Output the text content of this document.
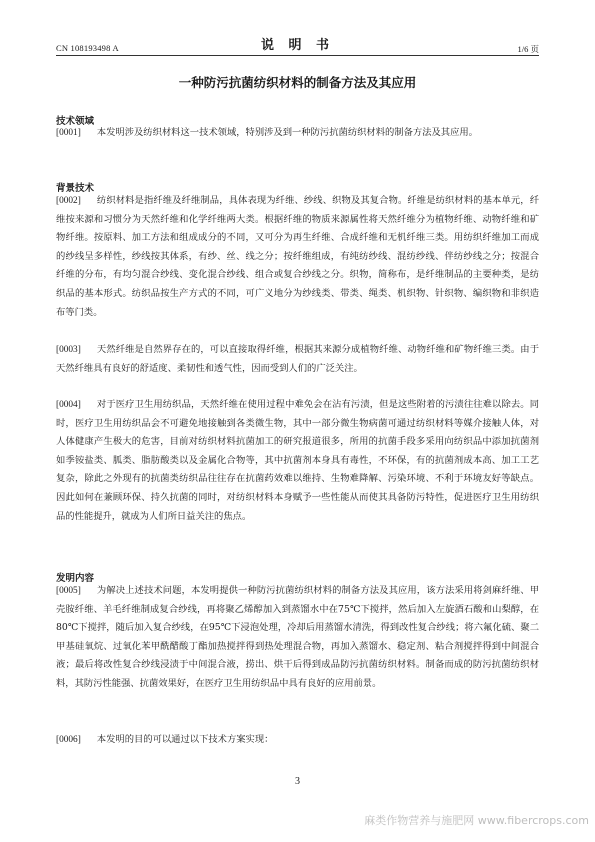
CN 108193498 A	说 明 书	1/6 页
一种防污抗菌纺织材料的制备方法及其应用
技术领域

[0001] 本发明涉及纺织材料这一技术领域，特别涉及到一种防污抗菌纺织材料的制备方法及其应用。

背景技术

[0002] 纺织材料是指纤维及纤维制品，具体表现为纤维、纱线、织物及其复合物。纤维是纺织材料的基本单元，纤维按来源和习惯分为天然纤维和化学纤维两大类。根据纤维的物质来源属性将天然纤维分为植物纤维、动物纤维和矿物纤维。按原料、加工方法和组成成分的不同，又可分为再生纤维、合成纤维和无机纤维三类。用纺织纤维加工而成的纱线呈多样性，纱线按其体系，有纱、丝、线之分；按纤维组成，有纯纺纱线、混纺纱线、伴纺纱线之分；按混合纤维的分布，有均匀混合纱线、变化混合纱线、组合或复合纱线之分。织物，简称布，是纤维制品的主要种类，是纺织品的基本形式。纺织品按生产方式的不同，可广义地分为纱线类、带类、绳类、机织物、针织物、编织物和非织造布等门类。

[0003] 天然纤维是自然界存在的，可以直接取得纤维，根据其来源分成植物纤维、动物纤维和矿物纤维三类。由于天然纤维具有良好的舒适度、柔韧性和透气性，因而受到人们的广泛关注。

[0004] 对于医疗卫生用纺织品，天然纤维在使用过程中难免会在沾有污渍，但是这些附着的污渍往往难以除去。同时，医疗卫生用纺织品会不可避免地接触到各类微生物，其中一部分微生物病菌可通过纺织材料等媒介接触人体，对人体健康产生极大的危害，目前对纺织材料抗菌加工的研究报道很多，所用的抗菌手段多采用向纺织品中添加抗菌剂如季铵盐类、胍类、脂肪酸类以及金属化合物等，其中抗菌剂本身具有毒性，不环保，有的抗菌剂成本高、加工工艺复杂，除此之外现有的抗菌类纺织品往往存在抗菌药效难以维持、生物难降解、污染环境、不利于环境友好等缺点。因此如何在兼顾环保、持久抗菌的同时，对纺织材料本身赋予一些性能从而使其具备防污特性，促进医疗卫生用纺织品的性能提升，就成为人们所日益关注的焦点。

发明内容

[0005] 为解决上述技术问题，本发明提供一种防污抗菌纺织材料的制备方法及其应用，该方法采用将剑麻纤维、甲壳胺纤维、羊毛纤维制成复合纱线，再将聚乙烯醇加入到蒸馏水中在75℃下搅拌，然后加入左旋酒石酸和山梨醇，在80℃下搅拌，随后加入复合纱线，在95℃下浸泡处理，冷却后用蒸馏水清洗，得到改性复合纱线；将六氟化硫、聚二甲基硅氧烷、过氧化苯甲酰醋酸丁酯加热搅拌得到热处理混合物，再加入蒸馏水、稳定剂、粘合剂搅拌得到中间混合液；最后将改性复合纱线浸渍于中间混合液，捞出、烘干后得到成品防污抗菌纺织材料。制备而成的防污抗菌纺织材料，其防污性能强、抗菌效果好，在医疗卫生用纺织品中具有良好的应用前景。

[0006] 本发明的目的可以通过以下技术方案实现：

3
麻类作物营养与施肥网 www.fibercrops.com
